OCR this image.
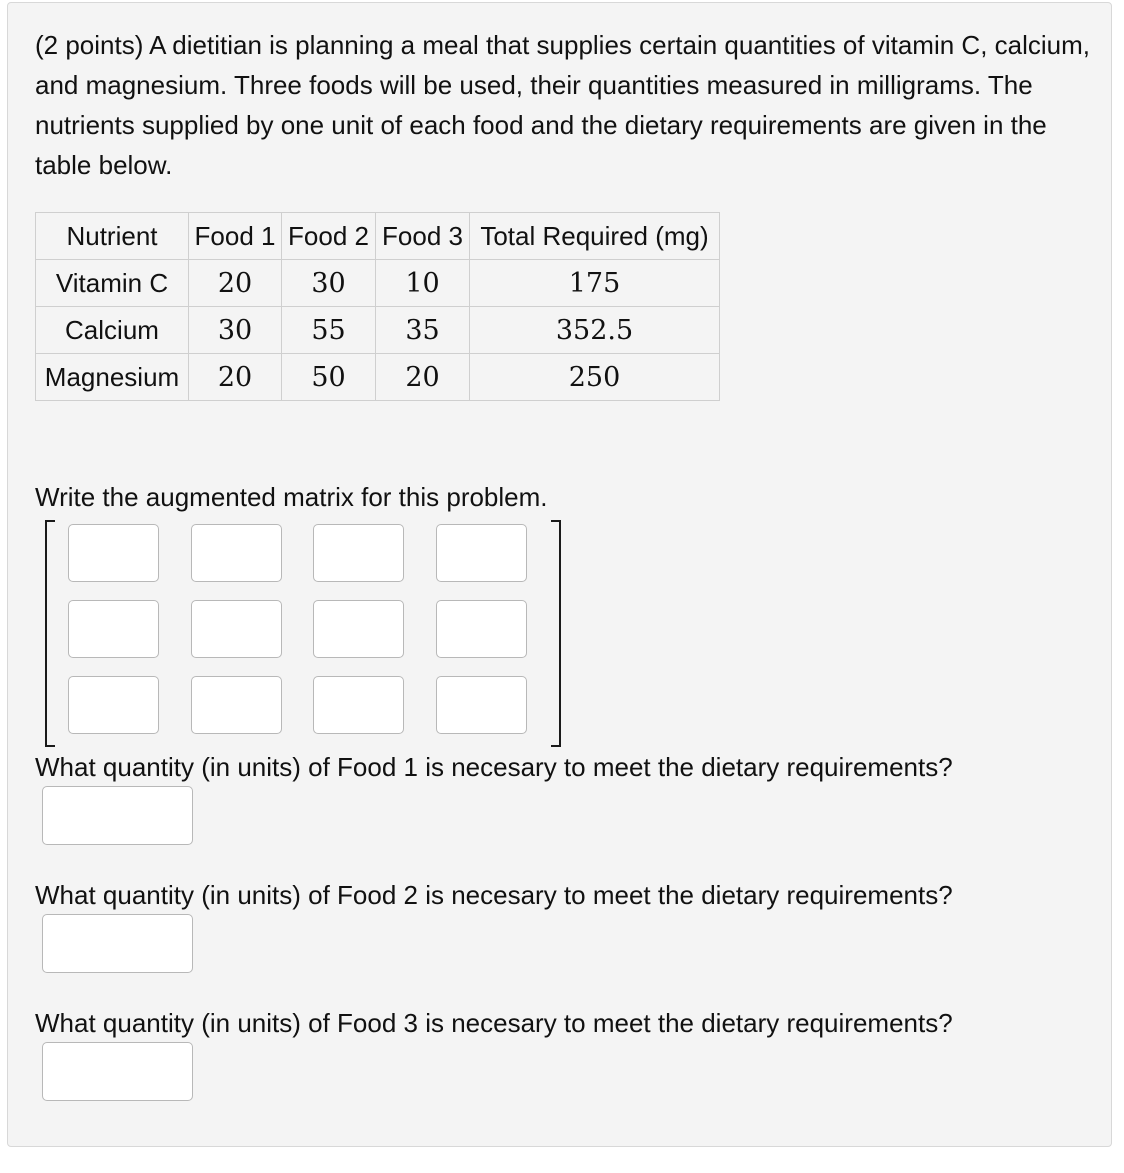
(2 points) A dietitian is planning a meal that supplies certain quantities of vitamin C, calcium, and magnesium. Three foods will be used, their quantities measured in milligrams. The nutrients supplied by one unit of each food and the dietary requirements are given in the table below.

Nutrient	Food 1	Food 2	Food 3	Total Required (mg)
Vitamin C	20	30	10	175
Calcium	30	55	35	352.5
Magnesium	20	50	20	250

Write the augmented matrix for this problem.

What quantity (in units) of Food 1 is necesary to meet the dietary requirements?

What quantity (in units) of Food 2 is necesary to meet the dietary requirements?

What quantity (in units) of Food 3 is necesary to meet the dietary requirements?
